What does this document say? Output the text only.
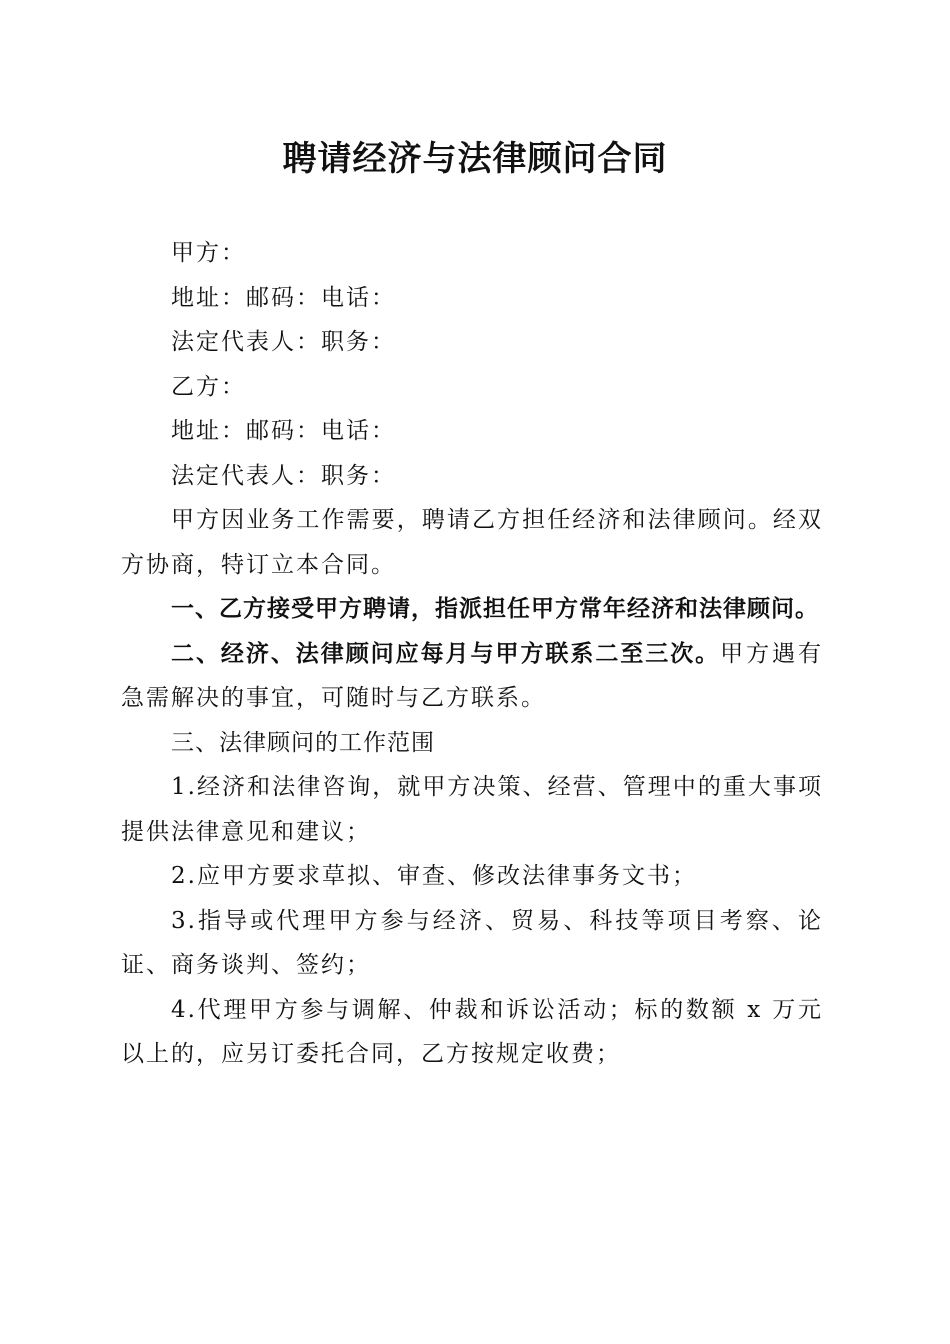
聘请经济与法律顾问合同

甲方：

地址：邮码：电话：

法定代表人：职务：

乙方：

地址：邮码：电话：

法定代表人：职务：

甲方因业务工作需要，聘请乙方担任经济和法律顾问。经双方协商，特订立本合同。

一、乙方接受甲方聘请，指派担任甲方常年经济和法律顾问。

二、经济、法律顾问应每月与甲方联系二至三次。甲方遇有急需解决的事宜，可随时与乙方联系。

三、法律顾问的工作范围

1.经济和法律咨询，就甲方决策、经营、管理中的重大事项提供法律意见和建议；

2.应甲方要求草拟、审查、修改法律事务文书；

3.指导或代理甲方参与经济、贸易、科技等项目考察、论证、商务谈判、签约；

4.代理甲方参与调解、仲裁和诉讼活动；标的数额 x 万元以上的，应另订委托合同，乙方按规定收费；
